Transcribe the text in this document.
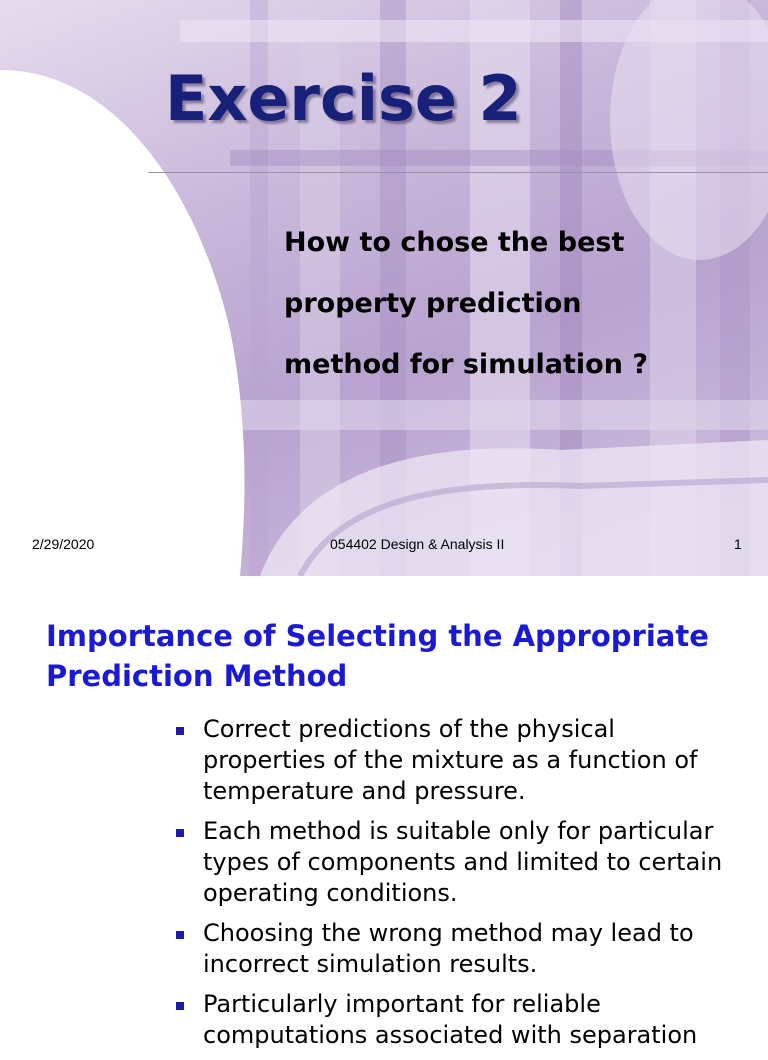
Exercise 2
How to chose the best
property prediction
method for simulation ?
2/29/2020	054402 Design & Analysis II	1
Importance of Selecting the Appropriate
Prediction Method
Correct predictions of the physical
properties of the mixture as a function of
temperature and pressure.
Each method is suitable only for particular
types of components and limited to certain
operating conditions.
Choosing the wrong method may lead to
incorrect simulation results.
Particularly important for reliable
computations associated with separation
